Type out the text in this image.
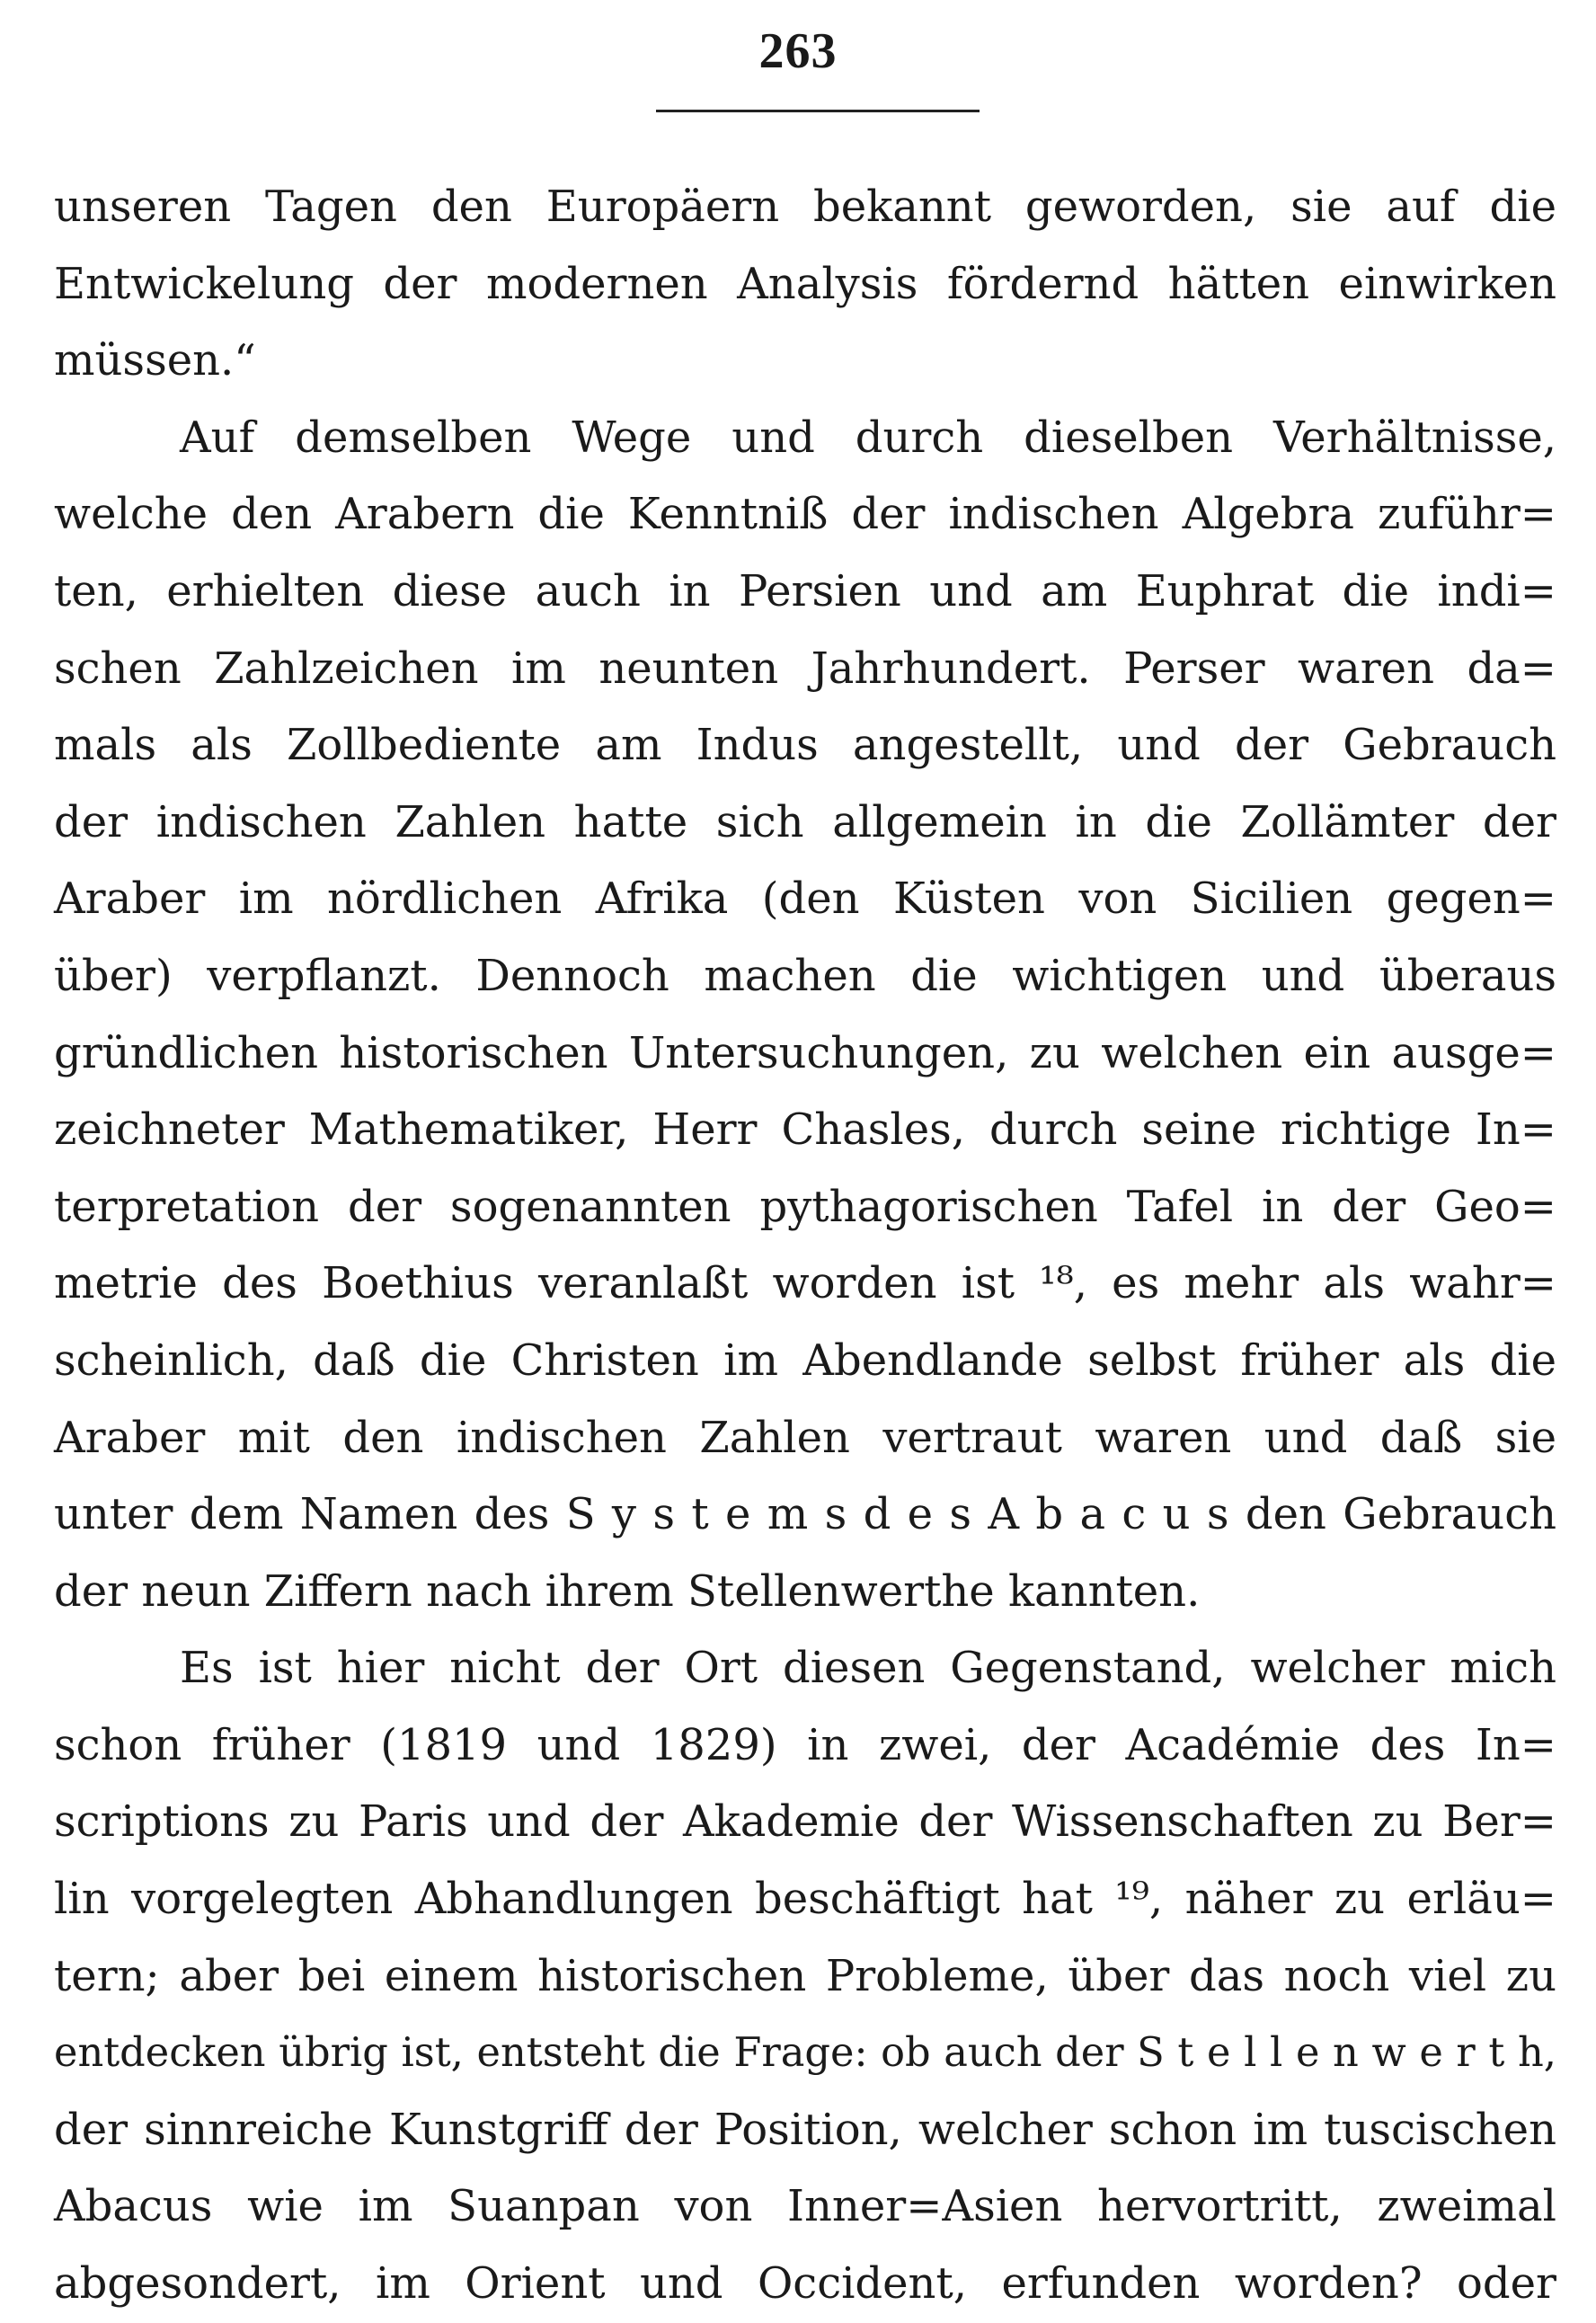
263
unseren Tagen den Europäern bekannt geworden, sie auf die
Entwickelung der modernen Analysis fördernd hätten einwirken
müssen.“
Auf demselben Wege und durch dieselben Verhältnisse,
welche den Arabern die Kenntniß der indischen Algebra zuführ=
ten, erhielten diese auch in Persien und am Euphrat die indi=
schen Zahlzeichen im neunten Jahrhundert. Perser waren da=
mals als Zollbediente am Indus angestellt, und der Gebrauch
der indischen Zahlen hatte sich allgemein in die Zollämter der
Araber im nördlichen Afrika (den Küsten von Sicilien gegen=
über) verpflanzt. Dennoch machen die wichtigen und überaus
gründlichen historischen Untersuchungen, zu welchen ein ausge=
zeichneter Mathematiker, Herr Chasles, durch seine richtige In=
terpretation der sogenannten pythagorischen Tafel in der Geo=
metrie des Boethius veranlaßt worden ist ¹⁸, es mehr als wahr=
scheinlich, daß die Christen im Abendlande selbst früher als die
Araber mit den indischen Zahlen vertraut waren und daß sie
unter dem Namen des S y s t e m s d e s A b a c u s den Gebrauch
der neun Ziffern nach ihrem Stellenwerthe kannten.
Es ist hier nicht der Ort diesen Gegenstand, welcher mich
schon früher (1819 und 1829) in zwei, der Académie des In=
scriptions zu Paris und der Akademie der Wissenschaften zu Ber=
lin vorgelegten Abhandlungen beschäftigt hat ¹⁹, näher zu erläu=
tern; aber bei einem historischen Probleme, über das noch viel zu
entdecken übrig ist, entsteht die Frage: ob auch der S t e l l e n w e r t h,
der sinnreiche Kunstgriff der Position, welcher schon im tuscischen
Abacus wie im Suanpan von Inner=Asien hervortritt, zweimal
abgesondert, im Orient und Occident, erfunden worden? oder
